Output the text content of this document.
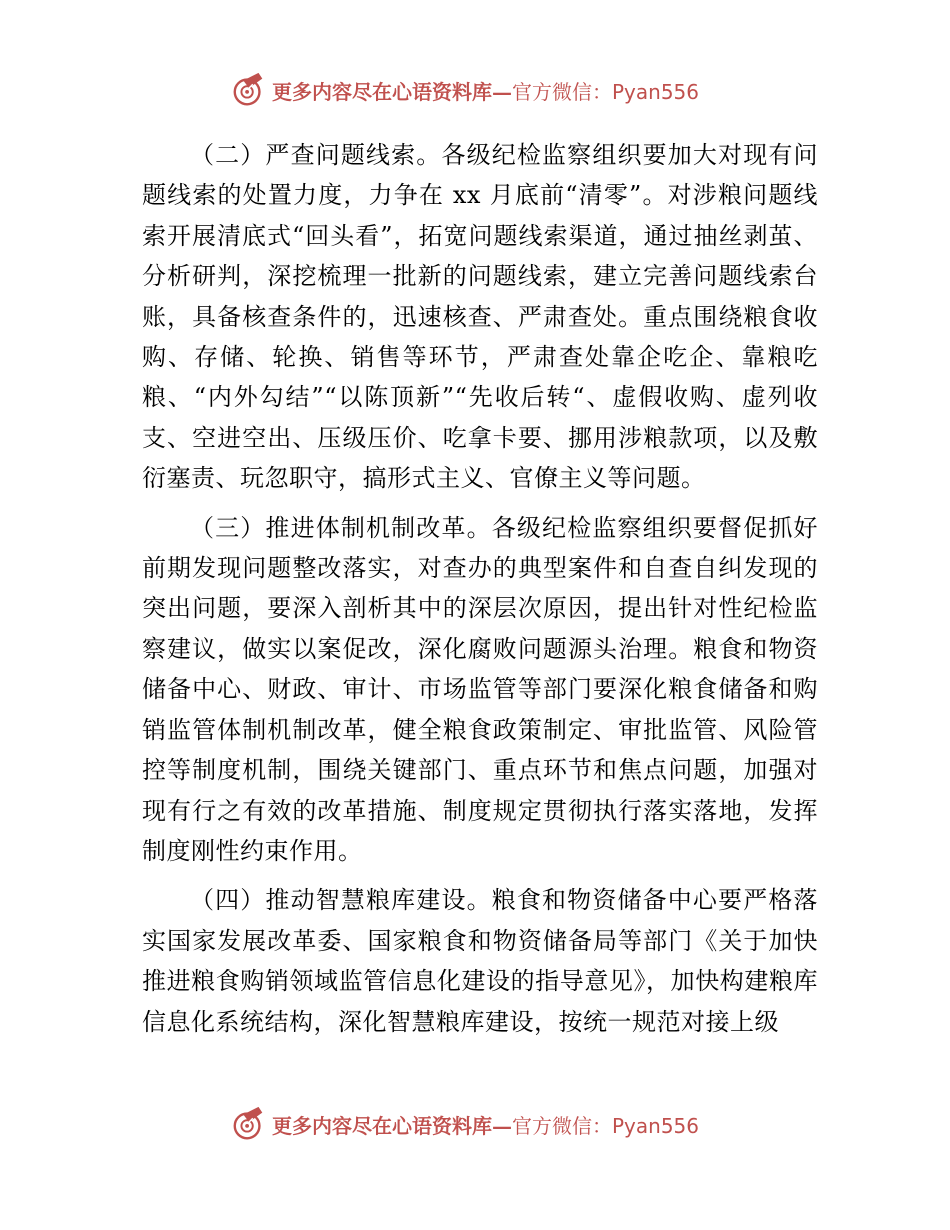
更多内容尽在心语资料库— 官方微信：Pyan556

（二）严查问题线索。各级纪检监察组织要加大对现有问题线索的处置力度，力争在 xx 月底前“清零”。对涉粮问题线索开展清底式“回头看”，拓宽问题线索渠道，通过抽丝剥茧、分析研判，深挖梳理一批新的问题线索，建立完善问题线索台账，具备核查条件的，迅速核查、严肃查处。重点围绕粮食收购、存储、轮换、销售等环节，严肃查处靠企吃企、靠粮吃粮、“内外勾结”“以陈顶新”“先收后转“、虚假收购、虚列收支、空进空出、压级压价、吃拿卡要、挪用涉粮款项，以及敷衍塞责、玩忽职守，搞形式主义、官僚主义等问题。

（三）推进体制机制改革。各级纪检监察组织要督促抓好前期发现问题整改落实，对查办的典型案件和自查自纠发现的突出问题，要深入剖析其中的深层次原因，提出针对性纪检监察建议，做实以案促改，深化腐败问题源头治理。粮食和物资储备中心、财政、审计、市场监管等部门要深化粮食储备和购销监管体制机制改革，健全粮食政策制定、审批监管、风险管控等制度机制，围绕关键部门、重点环节和焦点问题，加强对现有行之有效的改革措施、制度规定贯彻执行落实落地，发挥制度刚性约束作用。

（四）推动智慧粮库建设。粮食和物资储备中心要严格落实国家发展改革委、国家粮食和物资储备局等部门《关于加快推进粮食购销领域监管信息化建设的指导意见》，加快构建粮库信息化系统结构，深化智慧粮库建设，按统一规范对接上级

更多内容尽在心语资料库— 官方微信：Pyan556
